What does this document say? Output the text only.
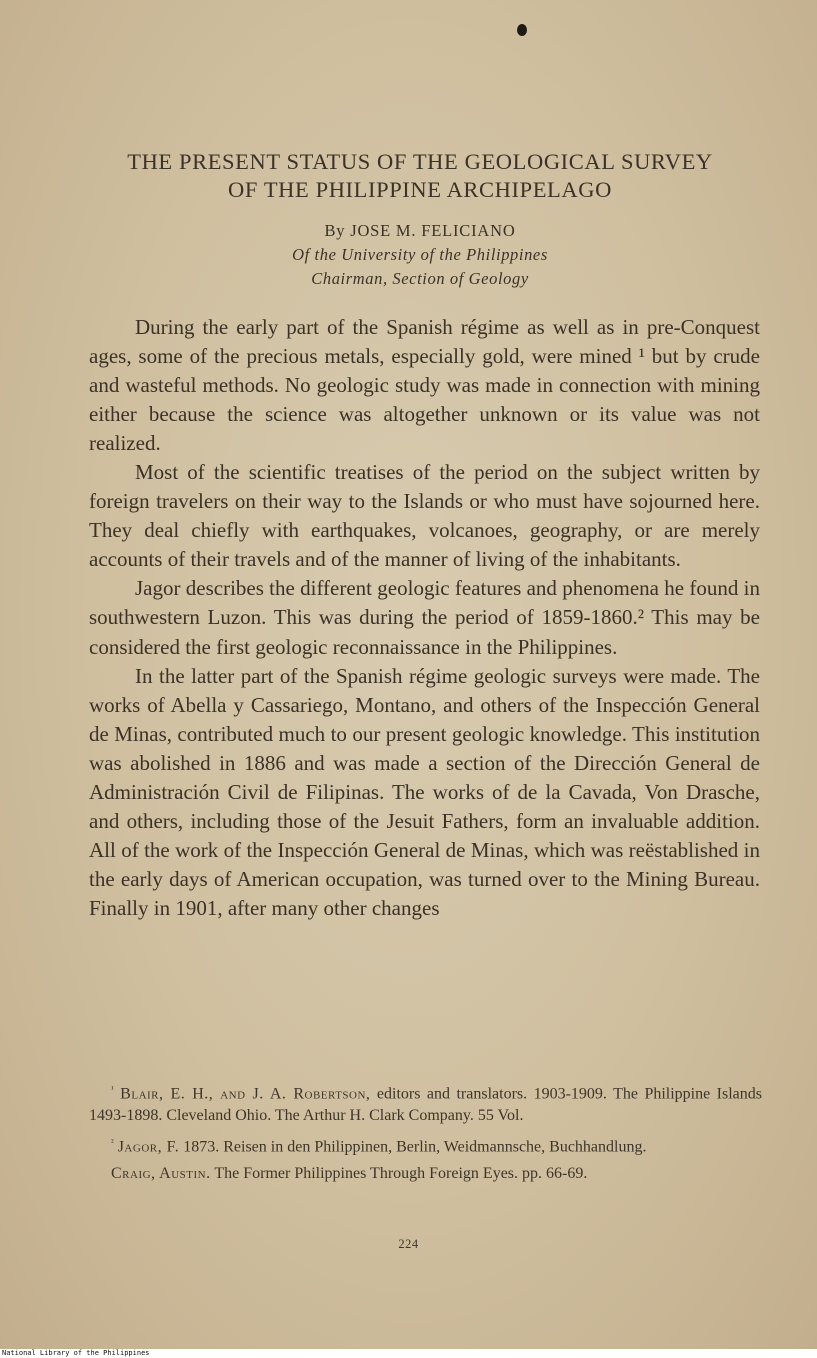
THE PRESENT STATUS OF THE GEOLOGICAL SURVEY
OF THE PHILIPPINE ARCHIPELAGO
By JOSE M. FELICIANO
Of the University of the Philippines
Chairman, Section of Geology

During the early part of the Spanish régime as well as in pre-Conquest ages, some of the precious metals, especially gold, were mined ¹ but by crude and wasteful methods. No geologic study was made in connection with mining either because the science was altogether unknown or its value was not realized.

Most of the scientific treatises of the period on the subject written by foreign travelers on their way to the Islands or who must have sojourned here. They deal chiefly with earthquakes, volcanoes, geography, or are merely accounts of their travels and of the manner of living of the inhabitants.

Jagor describes the different geologic features and phenomena he found in southwestern Luzon. This was during the period of 1859-1860.² This may be considered the first geologic reconnaissance in the Philippines.

In the latter part of the Spanish régime geologic surveys were made. The works of Abella y Cassariego, Montano, and others of the Inspección General de Minas, contributed much to our present geologic knowledge. This institution was abolished in 1886 and was made a section of the Dirección General de Administración Civil de Filipinas. The works of de la Cavada, Von Drasche, and others, including those of the Jesuit Fathers, form an invaluable addition. All of the work of the Inspección General de Minas, which was reëstablished in the early days of American occupation, was turned over to the Mining Bureau. Finally in 1901, after many other changes

$^{^1}$ Blair, E. H., and J. A. Robertson, editors and translators. 1903-1909. The Philippine Islands 1493-1898. Cleveland Ohio. The Arthur H. Clark Company. 55 Vol.

$^{^2}$ Jagor, F. 1873. Reisen in den Philippinen, Berlin, Weidmannsche, Buchhandlung.

Craig, Austin. The Former Philippines Through Foreign Eyes. pp. 66-69.

224
National Library of the Philippines
